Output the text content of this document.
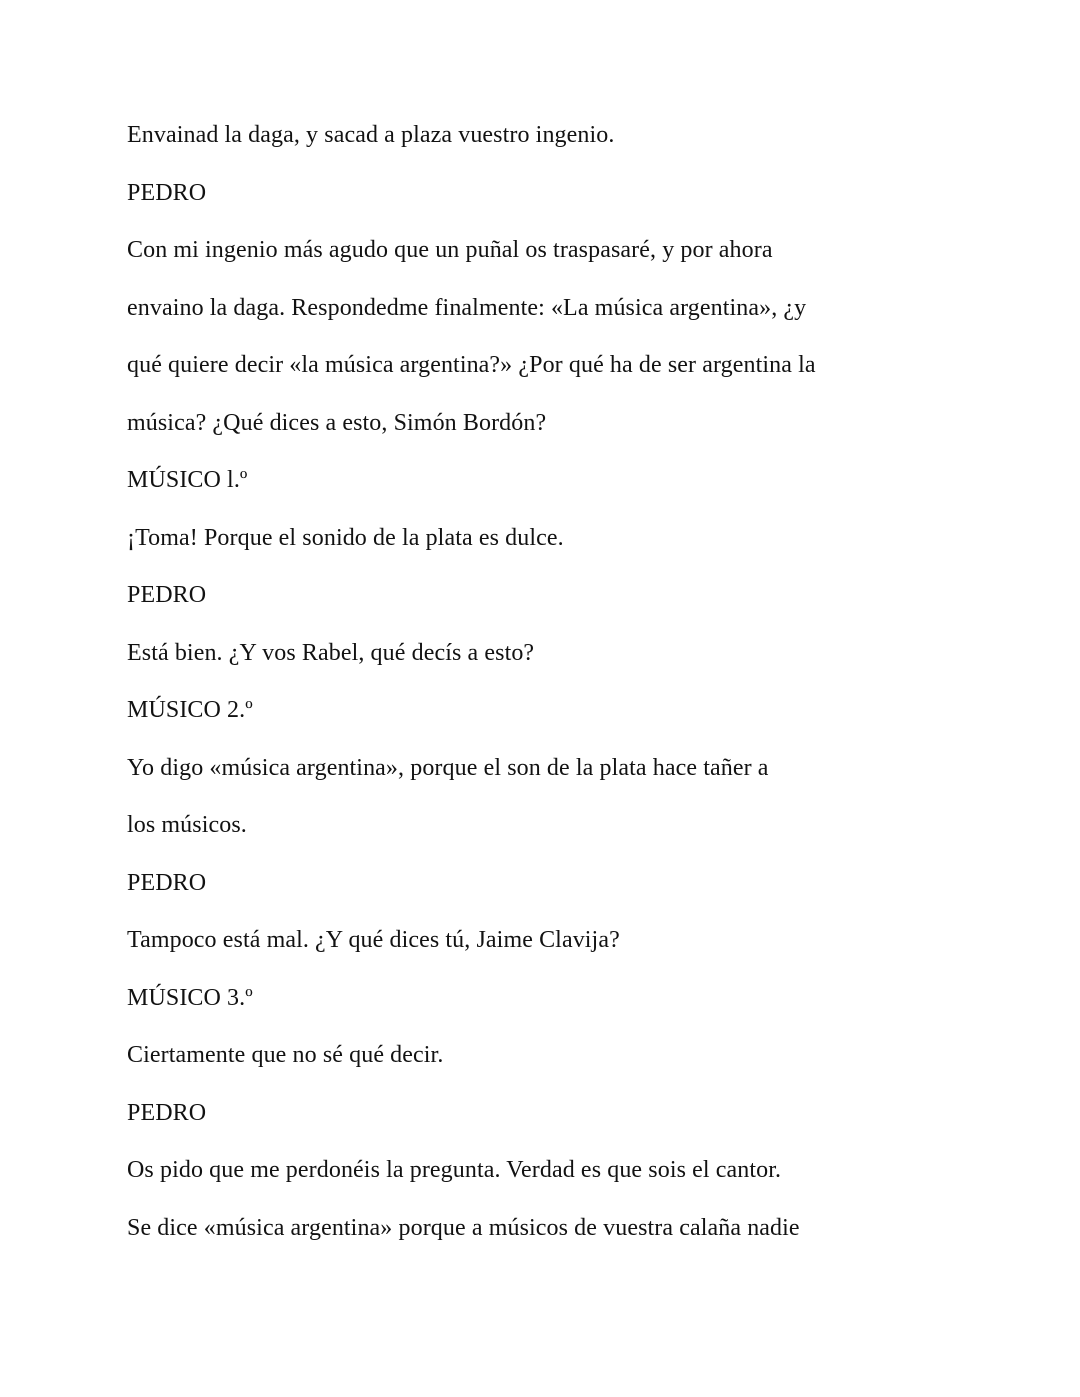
Envainad la daga, y sacad a plaza vuestro ingenio.
PEDRO
Con mi ingenio más agudo que un puñal os traspasaré, y por ahora
envaino la daga. Respondedme finalmente: «La música argentina», ¿y
qué quiere decir «la música argentina?» ¿Por qué ha de ser argentina la
música? ¿Qué dices a esto, Simón Bordón?
MÚSICO l.º
¡Toma! Porque el sonido de la plata es dulce.
PEDRO
Está bien. ¿Y vos Rabel, qué decís a esto?
MÚSICO 2.º
Yo digo «música argentina», porque el son de la plata hace tañer a
los músicos.
PEDRO
Tampoco está mal. ¿Y qué dices tú, Jaime Clavija?
MÚSICO 3.º
Ciertamente que no sé qué decir.
PEDRO
Os pido que me perdonéis la pregunta. Verdad es que sois el cantor.
Se dice «música argentina» porque a músicos de vuestra calaña nadie
